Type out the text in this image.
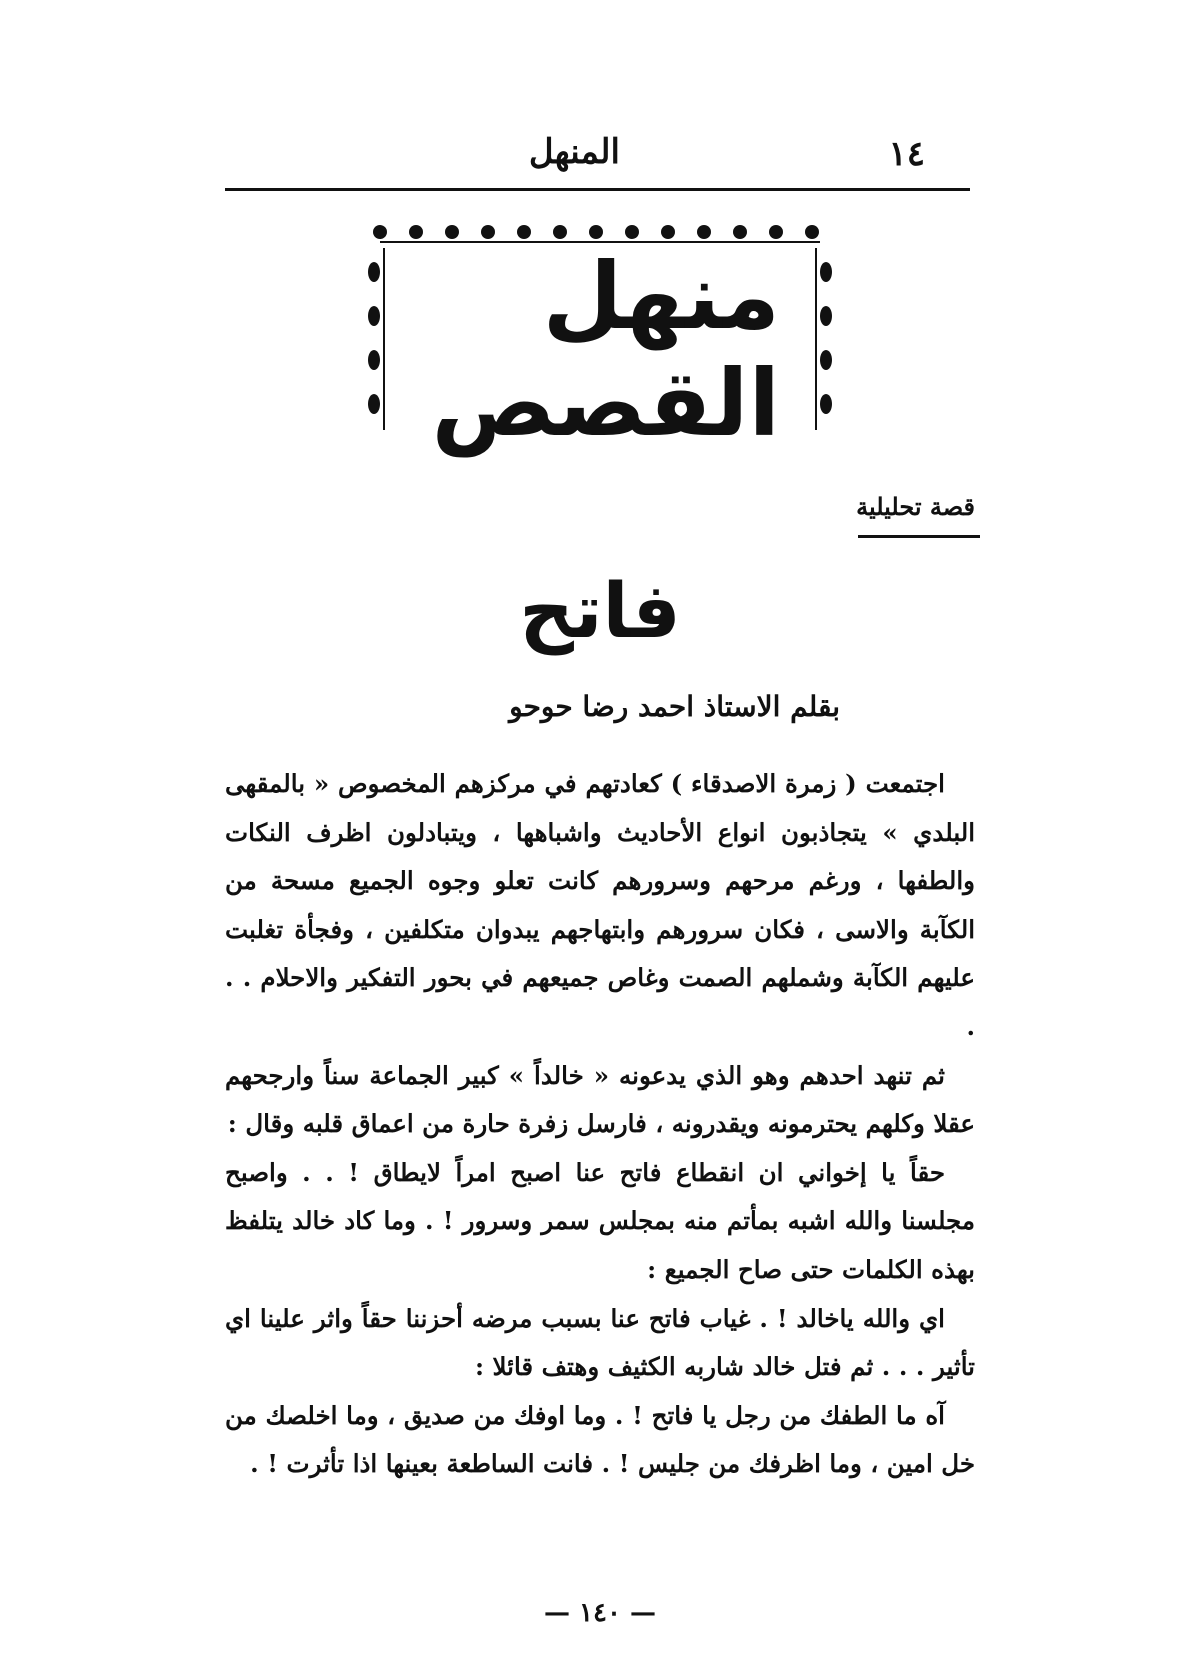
١٤
المنهل
منهل القصص
قصة تحليلية
فاتح
بقلم الاستاذ احمد رضا حوحو

اجتمعت ( زمرة الاصدقاء ) كعادتهم في مركزهم المخصوص « بالمقهى البلدي » يتجاذبون انواع الأحاديث واشباهها ، ويتبادلون اظرف النكات والطفها ، ورغم مرحهم وسرورهم كانت تعلو وجوه الجميع مسحة من الكآبة والاسى ، فكان سرورهم وابتهاجهم يبدوان متكلفين ، وفجأة تغلبت عليهم الكآبة وشملهم الصمت وغاص جميعهم في بحور التفكير والاحلام . . .

ثم تنهد احدهم وهو الذي يدعونه « خالداً » كبير الجماعة سناً وارجحهم عقلا وكلهم يحترمونه ويقدرونه ، فارسل زفرة حارة من اعماق قلبه وقال :

حقاً يا إخواني ان انقطاع فاتح عنا اصبح امراً لايطاق ! . . واصبح مجلسنا والله اشبه بمأتم منه بمجلس سمر وسرور ! . وما كاد خالد يتلفظ بهذه الكلمات حتى صاح الجميع :

اي والله ياخالد ! . غياب فاتح عنا بسبب مرضه أحزننا حقاً واثر علينا اي تأثير . . . ثم فتل خالد شاربه الكثيف وهتف قائلا :

آه ما الطفك من رجل يا فاتح ! . وما اوفك من صديق ، وما اخلصك من خل امين ، وما اظرفك من جليس ! . فانت الساطعة بعينها اذا تأثرت ! .

— ١٤٠ —
